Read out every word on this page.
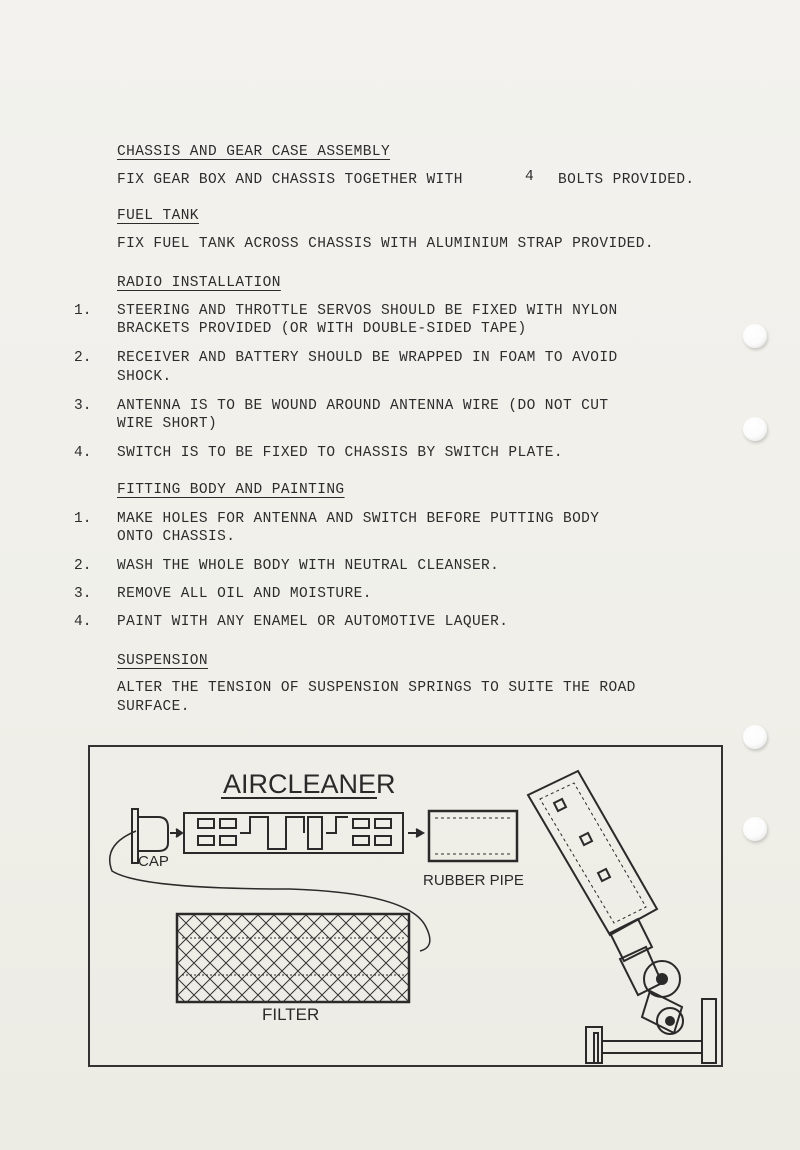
CHASSIS AND GEAR CASE ASSEMBLY
FIX GEAR BOX AND CHASSIS TOGETHER WITH	4 BOLTS PROVIDED.
FUEL TANK
FIX FUEL TANK ACROSS CHASSIS WITH ALUMINIUM STRAP PROVIDED.
RADIO INSTALLATION
1. STEERING AND THROTTLE SERVOS SHOULD BE FIXED WITH NYLON
BRACKETS PROVIDED (OR WITH DOUBLE-SIDED TAPE)
2. RECEIVER AND BATTERY SHOULD BE WRAPPED IN FOAM TO AVOID
SHOCK.
3. ANTENNA IS TO BE WOUND AROUND ANTENNA WIRE (DO NOT CUT
WIRE SHORT)
4. SWITCH IS TO BE FIXED TO CHASSIS BY SWITCH PLATE.
FITTING BODY AND PAINTING
1. MAKE HOLES FOR ANTENNA AND SWITCH BEFORE PUTTING BODY
ONTO CHASSIS.
2. WASH THE WHOLE BODY WITH NEUTRAL CLEANSER.
3. REMOVE ALL OIL AND MOISTURE.
4. PAINT WITH ANY ENAMEL OR AUTOMOTIVE LAQUER.
SUSPENSION
ALTER THE TENSION OF SUSPENSION SPRINGS TO SUITE THE ROAD
SURFACE.
AIRCLEANER
CAP
RUBBER PIPE
FILTER
